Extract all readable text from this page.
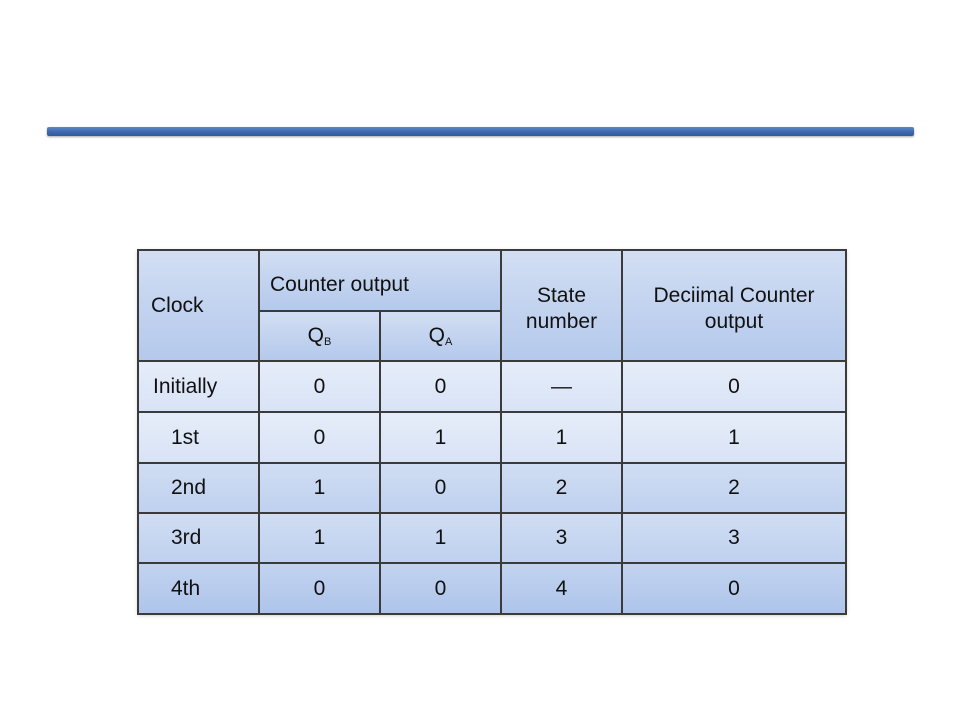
Clock	Counter output		State number	Deciimal Counter output
	$Q_B$	$Q_A$
Initially	0	0	—	0
1st	0	1	1	1
2nd	1	0	2	2
3rd	1	1	3	3
4th	0	0	4	0
